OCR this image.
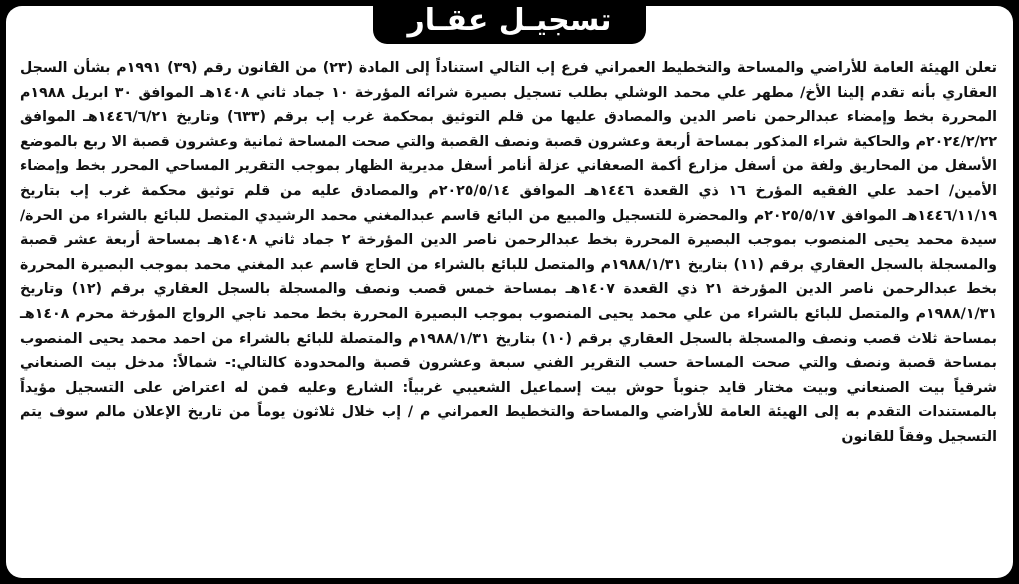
تسجيـل عقـار

تعلن الهيئة العامة للأراضي والمساحة والتخطيط العمراني فرع إب التالي استناداً إلى المادة (٢٣) من القانون رقم (٣٩) ١٩٩١م بشأن السجل العقاري بأنه تقدم إلينا الأخ/ مطهر علي محمد الوشلي بطلب تسجيل بصيرة شرائه المؤرخة ١٠ جماد ثاني ١٤٠٨هـ الموافق ٣٠ ابريل ١٩٨٨م المحررة بخط وإمضاء عبدالرحمن ناصر الدين والمصادق عليها من قلم التوثيق بمحكمة غرب إب برقم (٦٣٣) وتاريخ ١٤٤٦/٦/٢١هـ الموافق ٢٠٢٤/٢/٢٢م والحاكية شراء المذكور بمساحة أربعة وعشرون قصبة ونصف القصبة والتي صحت المساحة ثمانية وعشرون قصبة الا ربع بالموضع الأسفل من المحاريق ولفة من أسفل مزارع أكمة الصعفاني عزلة أنامر أسفل مديرية الظهار بموجب التقرير المساحي المحرر بخط وإمضاء الأمين/ احمد علي الفقيه المؤرخ ١٦ ذي القعدة ١٤٤٦هـ الموافق ٢٠٢٥/٥/١٤م والمصادق عليه من قلم توثيق محكمة غرب إب بتاريخ ١٤٤٦/١١/١٩هـ الموافق ٢٠٢٥/٥/١٧م والمحضرة للتسجيل والمبيع من البائع قاسم عبدالمغني محمد الرشيدي المتصل للبائع بالشراء من الحرة/ سيدة محمد يحيى المنصوب بموجب البصيرة المحررة بخط عبدالرحمن ناصر الدين المؤرخة ٢ جماد ثاني ١٤٠٨هـ بمساحة أربعة عشر قصبة والمسجلة بالسجل العقاري برقم (١١) بتاريخ ١٩٨٨/١/٣١م والمتصل للبائع بالشراء من الحاج قاسم عبد المغني محمد بموجب البصيرة المحررة بخط عبدالرحمن ناصر الدين المؤرخة ٢١ ذي القعدة ١٤٠٧هـ بمساحة خمس قصب ونصف والمسجلة بالسجل العقاري برقم (١٢) وتاريخ ١٩٨٨/١/٣١م والمتصل للبائع بالشراء من علي محمد يحيى المنصوب بموجب البصيرة المحررة بخط محمد ناجي الرواج المؤرخة محرم ١٤٠٨هـ بمساحة ثلاث قصب ونصف والمسجلة بالسجل العقاري برقم (١٠) بتاريخ ١٩٨٨/١/٣١م والمتصلة للبائع بالشراء من احمد محمد يحيى المنصوب بمساحة قصبة ونصف والتي صحت المساحة حسب التقرير الفني سبعة وعشرون قصبة والمحدودة كالتالي:- شمالاً: مدخل بيت الصنعاني شرقياً بيت الصنعاني وبيت مختار قايد جنوباً حوش بيت إسماعيل الشعيبي غربياً: الشارع وعليه فمن له اعتراض على التسجيل مؤيداً بالمستندات التقدم به إلى الهيئة العامة للأراضي والمساحة والتخطيط العمراني م / إب خلال ثلاثون يوماً من تاريخ الإعلان مالم سوف يتم التسجيل وفقاً للقانون
